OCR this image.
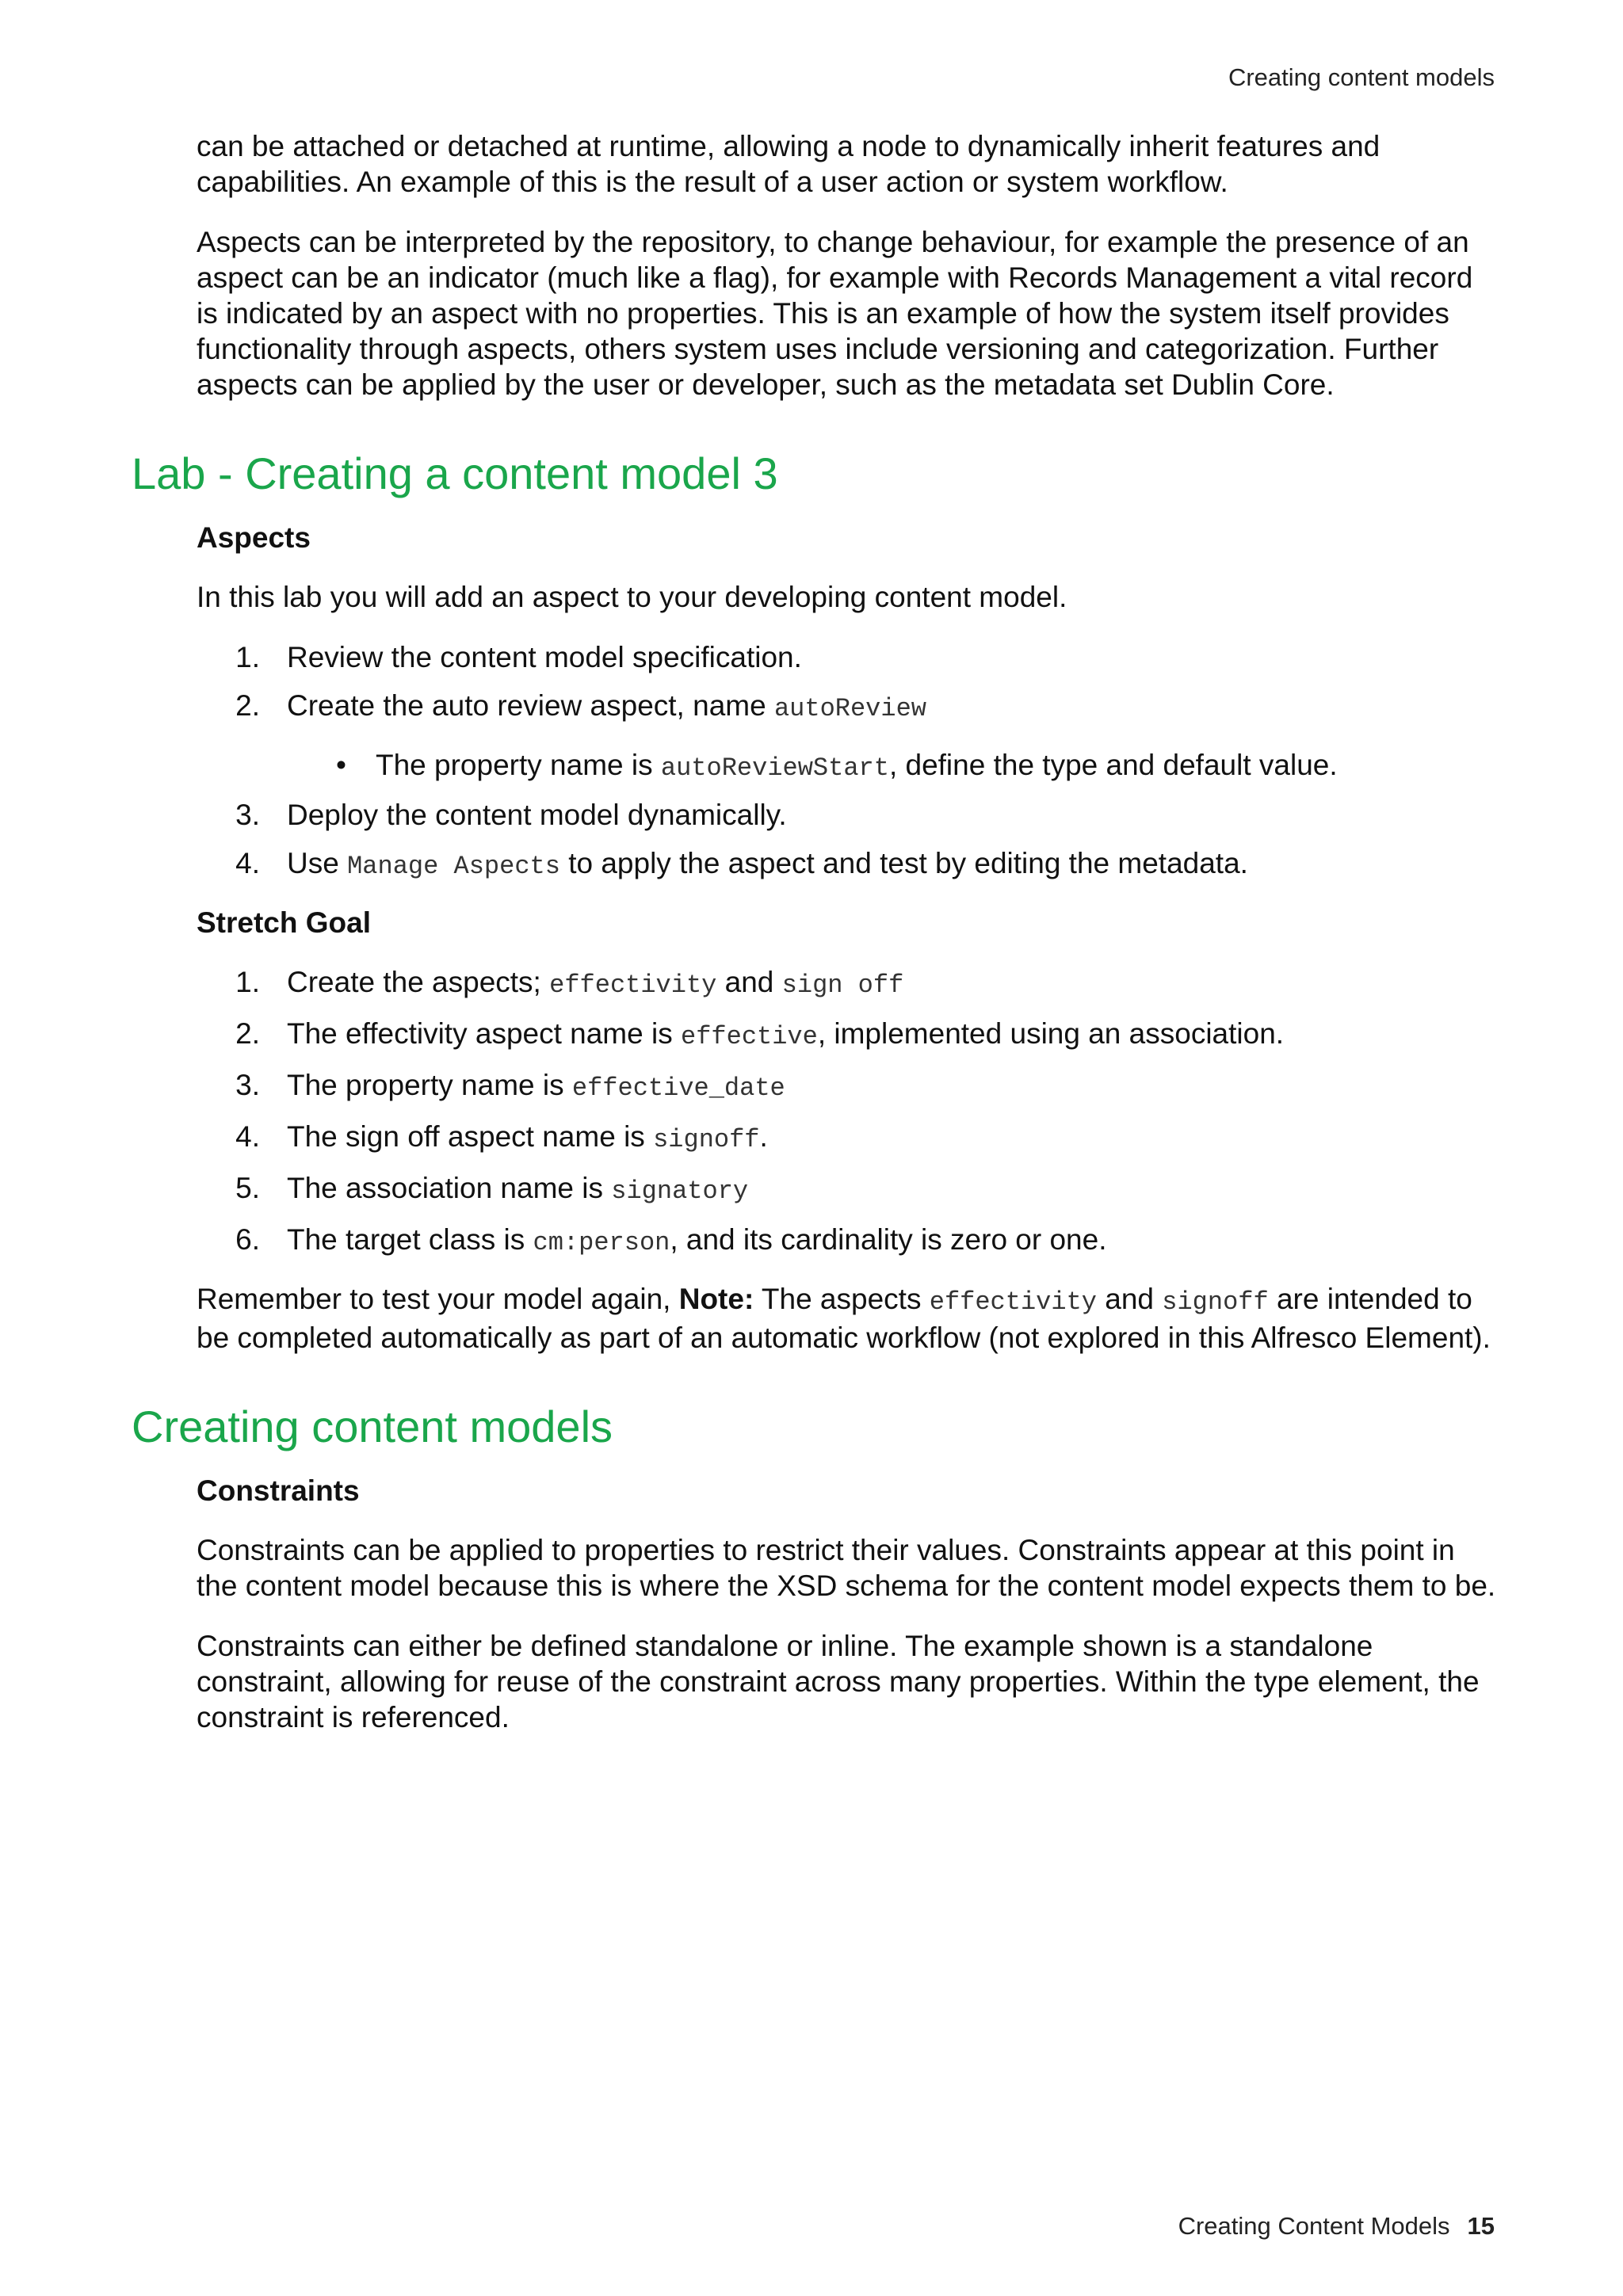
Creating content models

can be attached or detached at runtime, allowing a node to dynamically inherit features and capabilities. An example of this is the result of a user action or system workflow.

Aspects can be interpreted by the repository, to change behaviour, for example the presence of an aspect can be an indicator (much like a flag), for example with Records Management a vital record is indicated by an aspect with no properties. This is an example of how the system itself provides functionality through aspects, others system uses include versioning and categorization. Further aspects can be applied by the user or developer, such as the metadata set Dublin Core.

Lab - Creating a content model 3
Aspects

In this lab you will add an aspect to your developing content model.

1. Review the content model specification.
2. Create the auto review aspect, name autoReview
•	The property name is autoReviewStart, define the type and default value.
3. Deploy the content model dynamically.
4. Use Manage Aspects to apply the aspect and test by editing the metadata.
Stretch Goal
1. Create the aspects; effectivity and sign off
2. The effectivity aspect name is effective, implemented using an association.
3. The property name is effective_date
4. The sign off aspect name is signoff.
5. The association name is signatory
6. The target class is cm:person, and its cardinality is zero or one.

Remember to test your model again, Note: The aspects effectivity and signoff are intended to be completed automatically as part of an automatic workflow (not explored in this Alfresco Element).

Creating content models
Constraints

Constraints can be applied to properties to restrict their values. Constraints appear at this point in the content model because this is where the XSD schema for the content model expects them to be.

Constraints can either be defined standalone or inline. The example shown is a standalone constraint, allowing for reuse of the constraint across many properties. Within the type element, the constraint is referenced.

Creating Content Models 15
